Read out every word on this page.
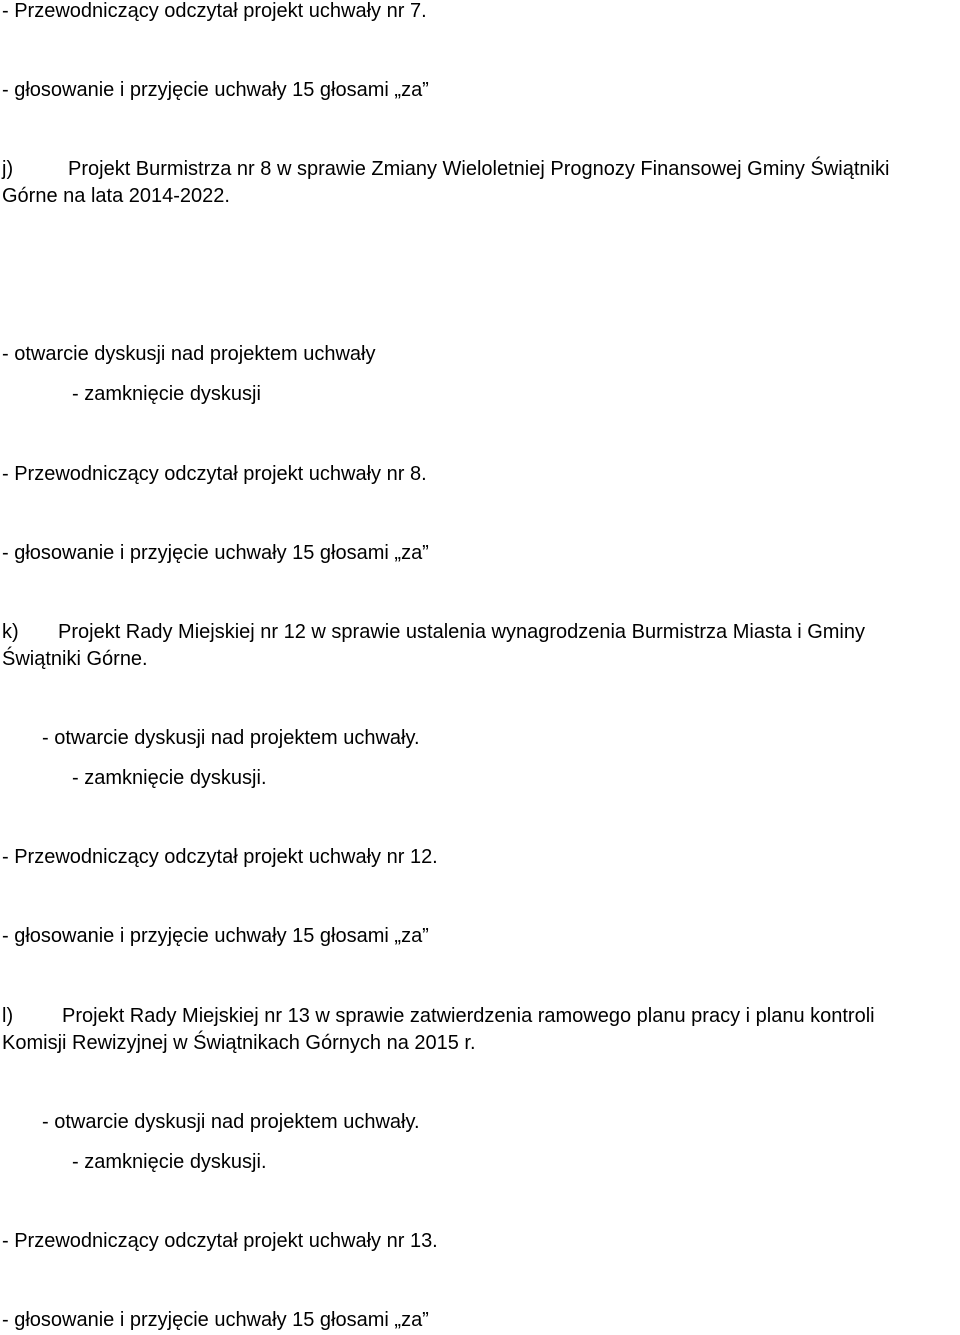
- Przewodniczący odczytał projekt uchwały nr 7.

- głosowanie i przyjęcie uchwały 15 głosami „za”

j)	Projekt Burmistrza nr 8 w sprawie Zmiany Wieloletniej Prognozy Finansowej Gminy Świątniki

Górne na lata 2014-2022.

- otwarcie dyskusji nad projektem uchwały

- zamknięcie dyskusji

- Przewodniczący odczytał projekt uchwały nr 8.

- głosowanie i przyjęcie uchwały 15 głosami „za”

k) Projekt Rady Miejskiej nr 12 w sprawie ustalenia wynagrodzenia Burmistrza Miasta i Gminy

Świątniki Górne.

- otwarcie dyskusji nad projektem uchwały.

- zamknięcie dyskusji.

- Przewodniczący odczytał projekt uchwały nr 12.

- głosowanie i przyjęcie uchwały 15 głosami „za”

l) Projekt Rady Miejskiej nr 13 w sprawie zatwierdzenia ramowego planu pracy i planu kontroli

Komisji Rewizyjnej w Świątnikach Górnych na 2015 r.

- otwarcie dyskusji nad projektem uchwały.

- zamknięcie dyskusji.

- Przewodniczący odczytał projekt uchwały nr 13.

- głosowanie i przyjęcie uchwały 15 głosami „za”
